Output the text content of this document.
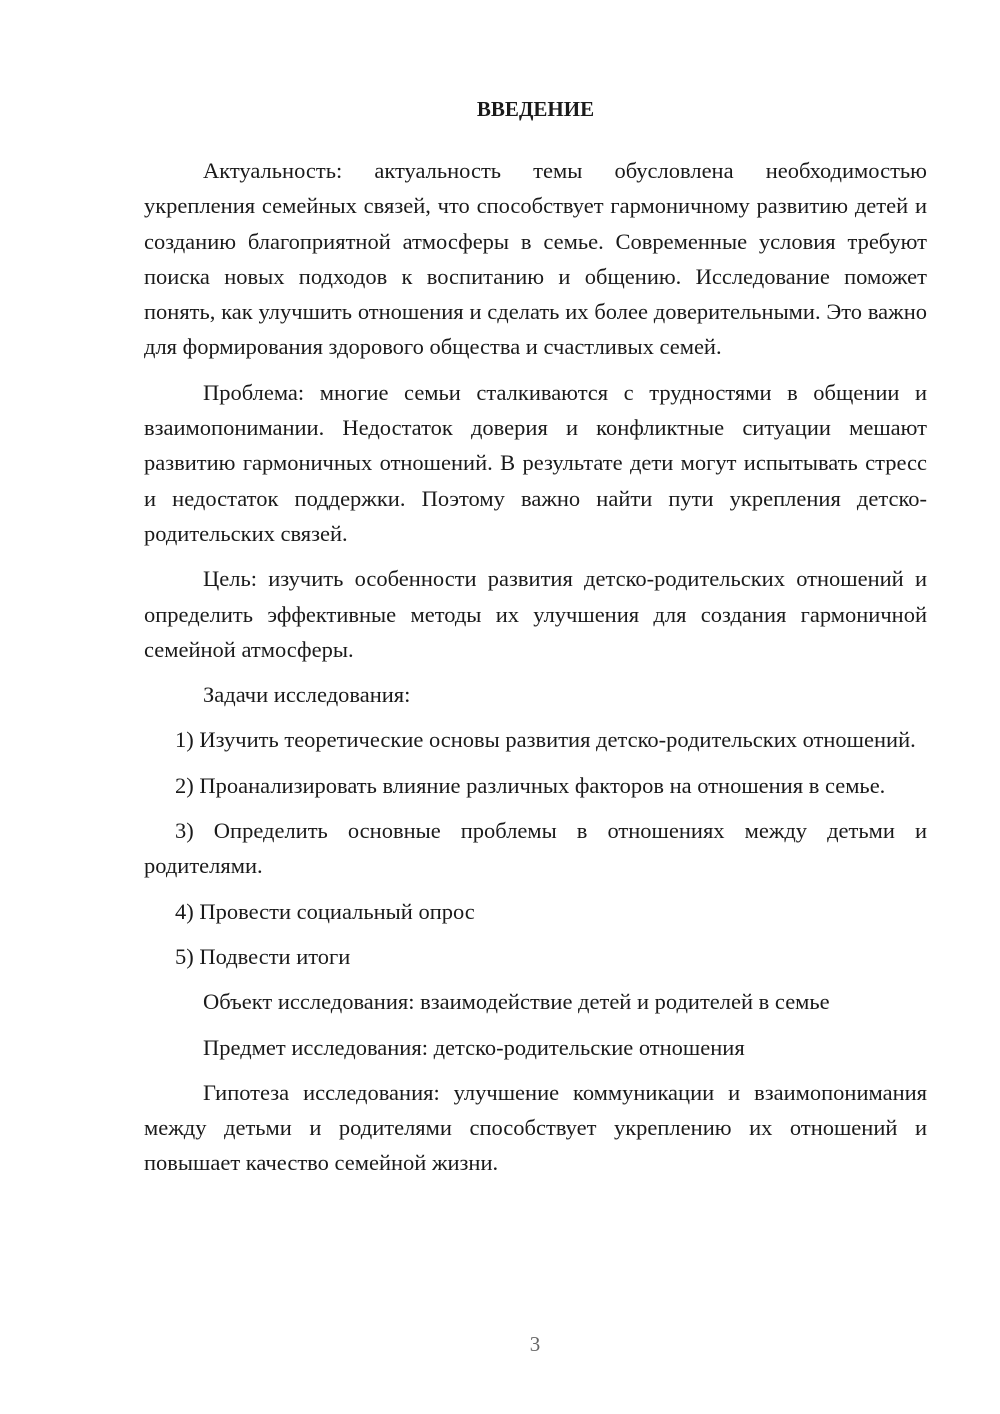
ВВЕДЕНИЕ

Актуальность: актуальность темы обусловлена необходимостью укрепления семейных связей, что способствует гармоничному развитию детей и созданию благоприятной атмосферы в семье. Современные условия требуют поиска новых подходов к воспитанию и общению. Исследование поможет понять, как улучшить отношения и сделать их более доверительными. Это важно для формирования здорового общества и счастливых семей.

Проблема: многие семьи сталкиваются с трудностями в общении и взаимопонимании. Недостаток доверия и конфликтные ситуации мешают развитию гармоничных отношений. В результате дети могут испытывать стресс и недостаток поддержки. Поэтому важно найти пути укрепления детско-родительских связей.

Цель: изучить особенности развития детско-родительских отношений и определить эффективные методы их улучшения для создания гармоничной семейной атмосферы.

Задачи исследования:

1) Изучить теоретические основы развития детско-родительских отношений.

2) Проанализировать влияние различных факторов на отношения в семье.

3) Определить основные проблемы в отношениях между детьми и родителями.

4) Провести социальный опрос

5) Подвести итоги

Объект исследования: взаимодействие детей и родителей в семье

Предмет исследования: детско-родительские отношения

Гипотеза исследования: улучшение коммуникации и взаимопонимания между детьми и родителями способствует укреплению их отношений и повышает качество семейной жизни.

3
